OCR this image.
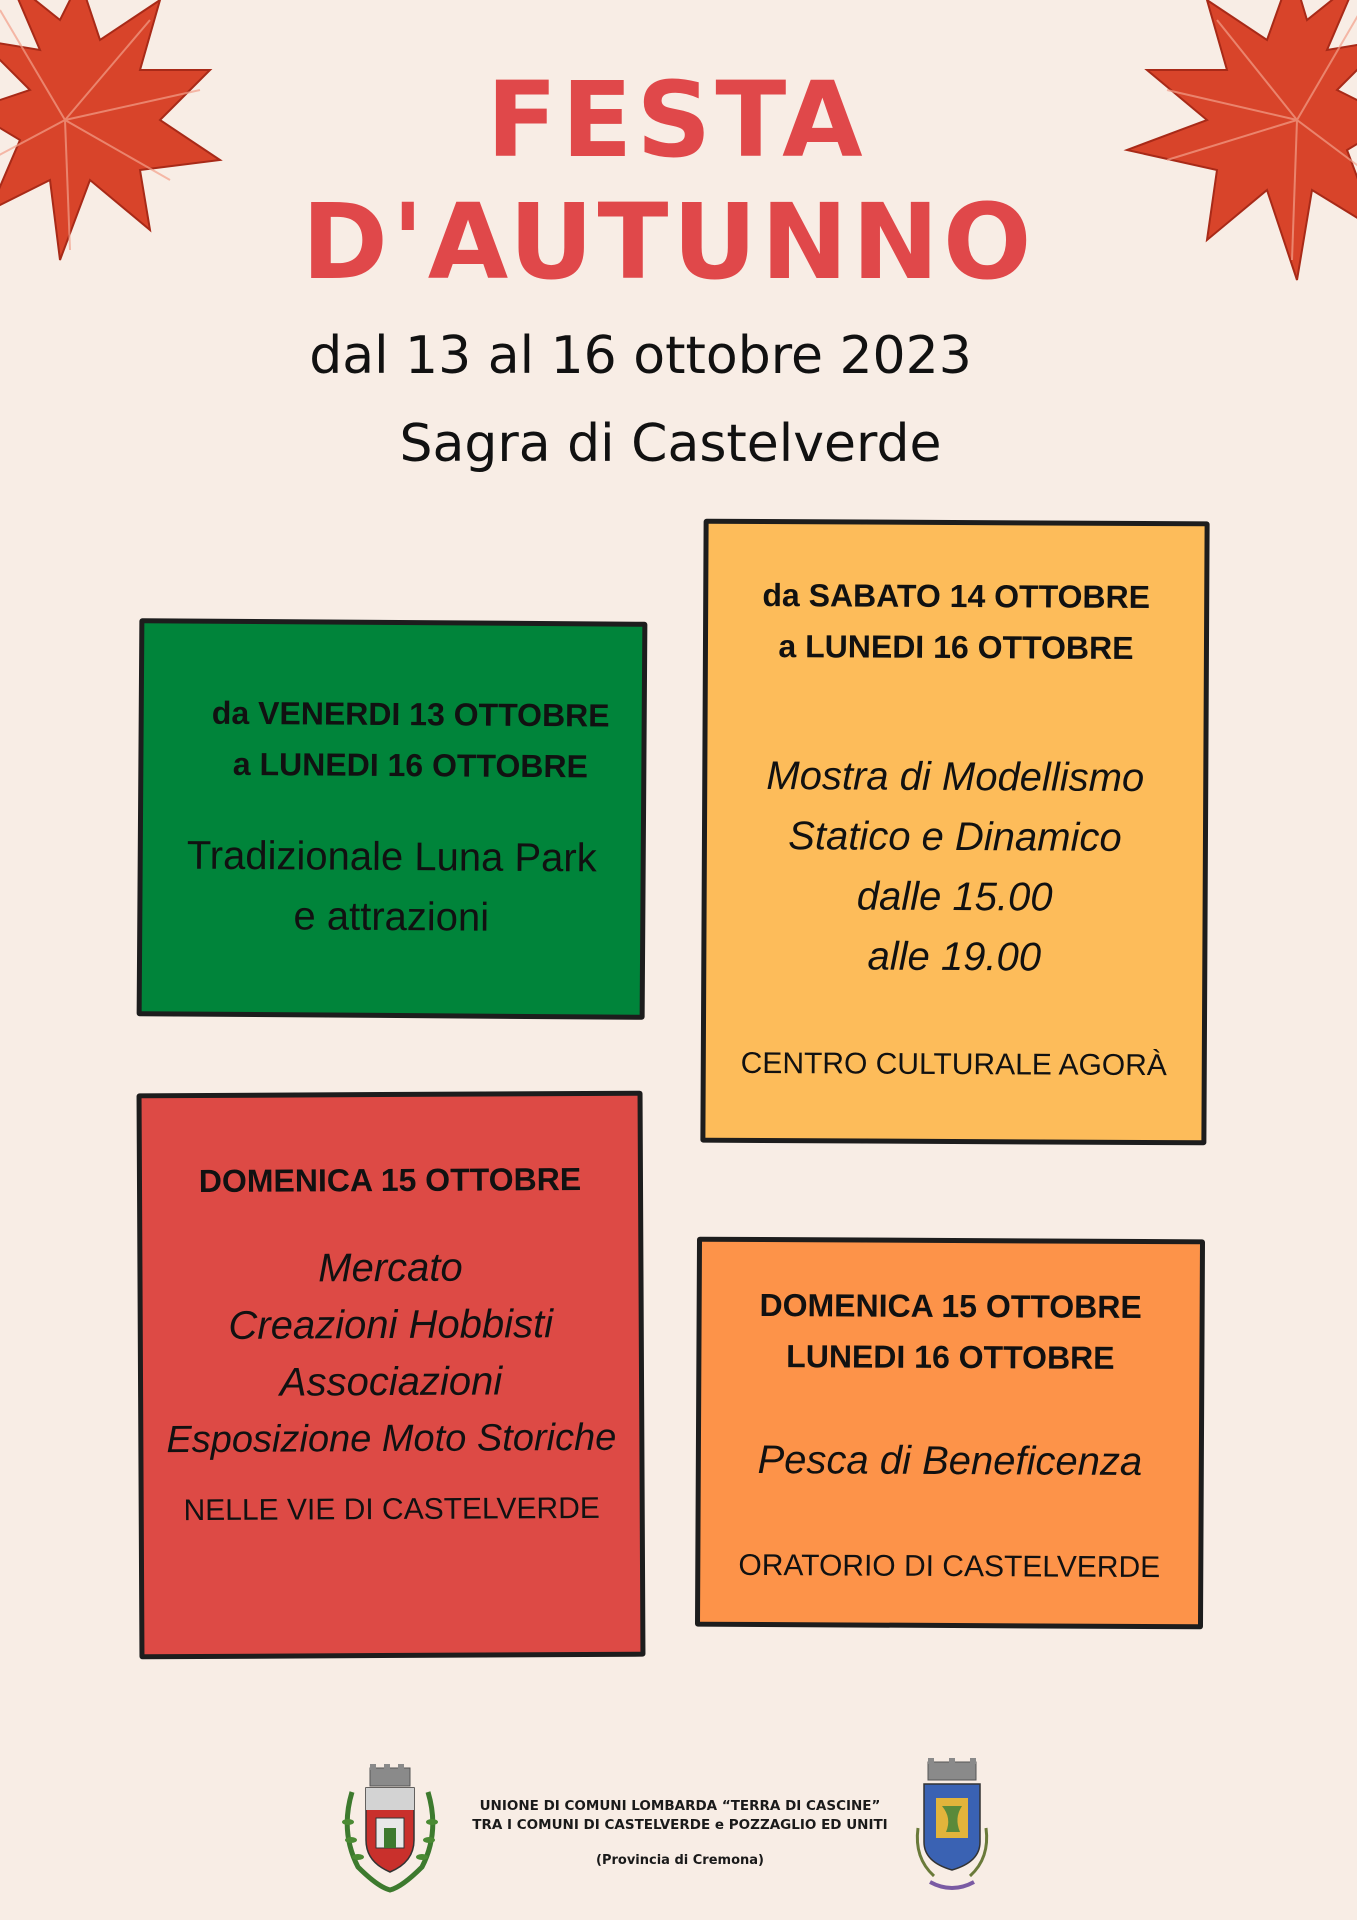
FESTA
D'AUTUNNO

dal 13 al 16 ottobre 2023

Sagra di Castelverde

da VENERDI 13 OTTOBRE

a LUNEDI 16 OTTOBRE

Tradizionale Luna Park

e attrazioni

da SABATO 14 OTTOBRE

a LUNEDI 16 OTTOBRE

Mostra di Modellismo

Statico e Dinamico

dalle 15.00

alle 19.00

CENTRO CULTURALE AGORÀ

DOMENICA 15 OTTOBRE

Mercato

Creazioni Hobbisti

Associazioni

Esposizione Moto Storiche

NELLE VIE DI CASTELVERDE

DOMENICA 15 OTTOBRE

LUNEDI 16 OTTOBRE

Pesca di Beneficenza

ORATORIO DI CASTELVERDE

UNIONE DI COMUNI LOMBARDA “TERRA DI CASCINE”

TRA I COMUNI DI CASTELVERDE e POZZAGLIO ED UNITI

(Provincia di Cremona)
